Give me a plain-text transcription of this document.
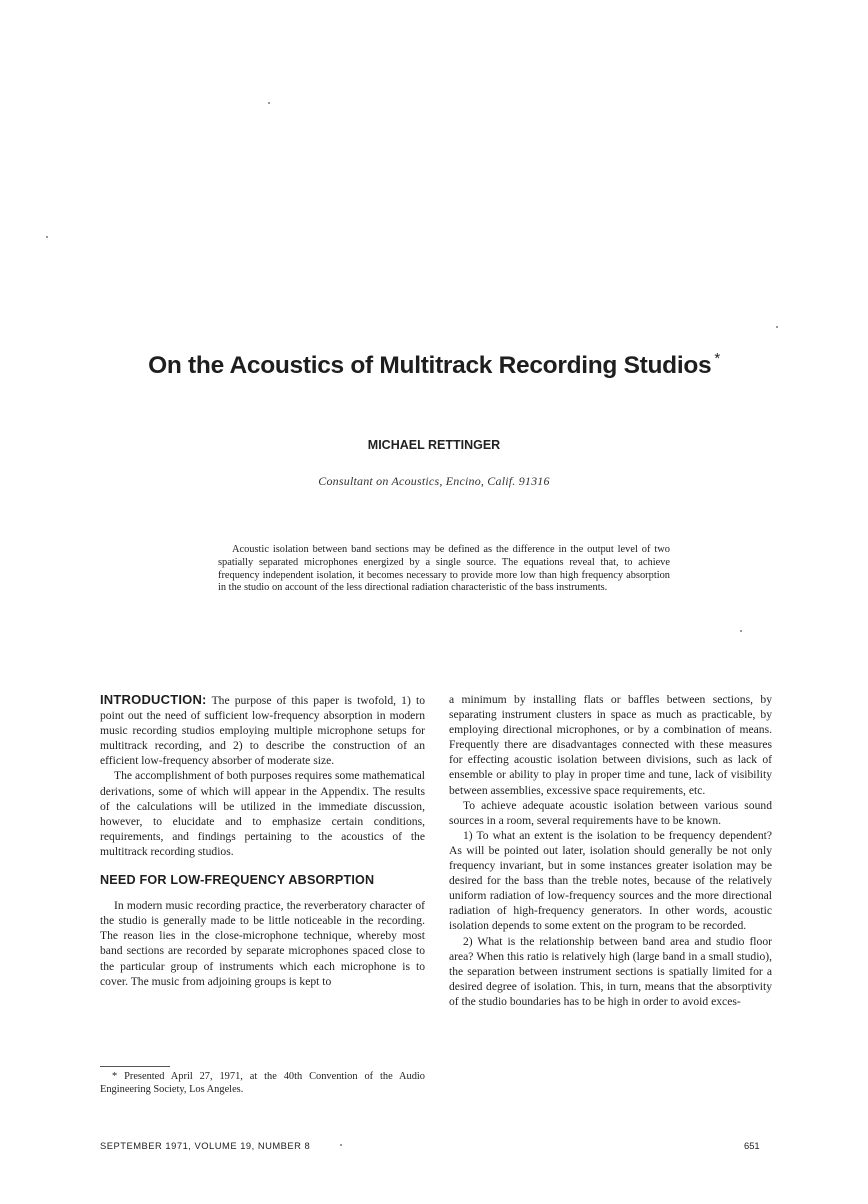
On the Acoustics of Multitrack Recording Studios *
MICHAEL RETTINGER
Consultant on Acoustics, Encino, Calif. 91316

Acoustic isolation between band sections may be defined as the difference in the output level of two spatially separated microphones energized by a single source. The equations reveal that, to achieve frequency independent isolation, it becomes necessary to provide more low than high frequency absorption in the studio on account of the less directional radiation characteristic of the bass instruments.

INTRODUCTION: The purpose of this paper is twofold, 1) to point out the need of sufficient low-frequency absorption in modern music recording studios employing multiple microphone setups for multitrack recording, and 2) to describe the construction of an efficient low-frequency absorber of moderate size.

The accomplishment of both purposes requires some mathematical derivations, some of which will appear in the Appendix. The results of the calculations will be utilized in the immediate discussion, however, to elucidate and to emphasize certain conditions, requirements, and findings pertaining to the acoustics of the multitrack recording studios.

NEED FOR LOW-FREQUENCY ABSORPTION

In modern music recording practice, the reverberatory character of the studio is generally made to be little noticeable in the recording. The reason lies in the close-microphone technique, whereby most band sections are recorded by separate microphones spaced close to the particular group of instruments which each microphone is to cover. The music from adjoining groups is kept to

a minimum by installing flats or baffles between sections, by separating instrument clusters in space as much as practicable, by employing directional microphones, or by a combination of means. Frequently there are disadvantages connected with these measures for effecting acoustic isolation between divisions, such as lack of ensemble or ability to play in proper time and tune, lack of visibility between assemblies, excessive space requirements, etc.

To achieve adequate acoustic isolation between various sound sources in a room, several requirements have to be known.

1) To what an extent is the isolation to be frequency dependent? As will be pointed out later, isolation should generally be not only frequency invariant, but in some instances greater isolation may be desired for the bass than the treble notes, because of the relatively uniform radiation of low-frequency sources and the more directional radiation of high-frequency generators. In other words, acoustic isolation depends to some extent on the program to be recorded.

2) What is the relationship between band area and studio floor area? When this ratio is relatively high (large band in a small studio), the separation between instrument sections is spatially limited for a desired degree of isolation. This, in turn, means that the absorptivity of the studio boundaries has to be high in order to avoid exces-

* Presented April 27, 1971, at the 40th Convention of the Audio Engineering Society, Los Angeles.

SEPTEMBER 1971, VOLUME 19, NUMBER 8	651
